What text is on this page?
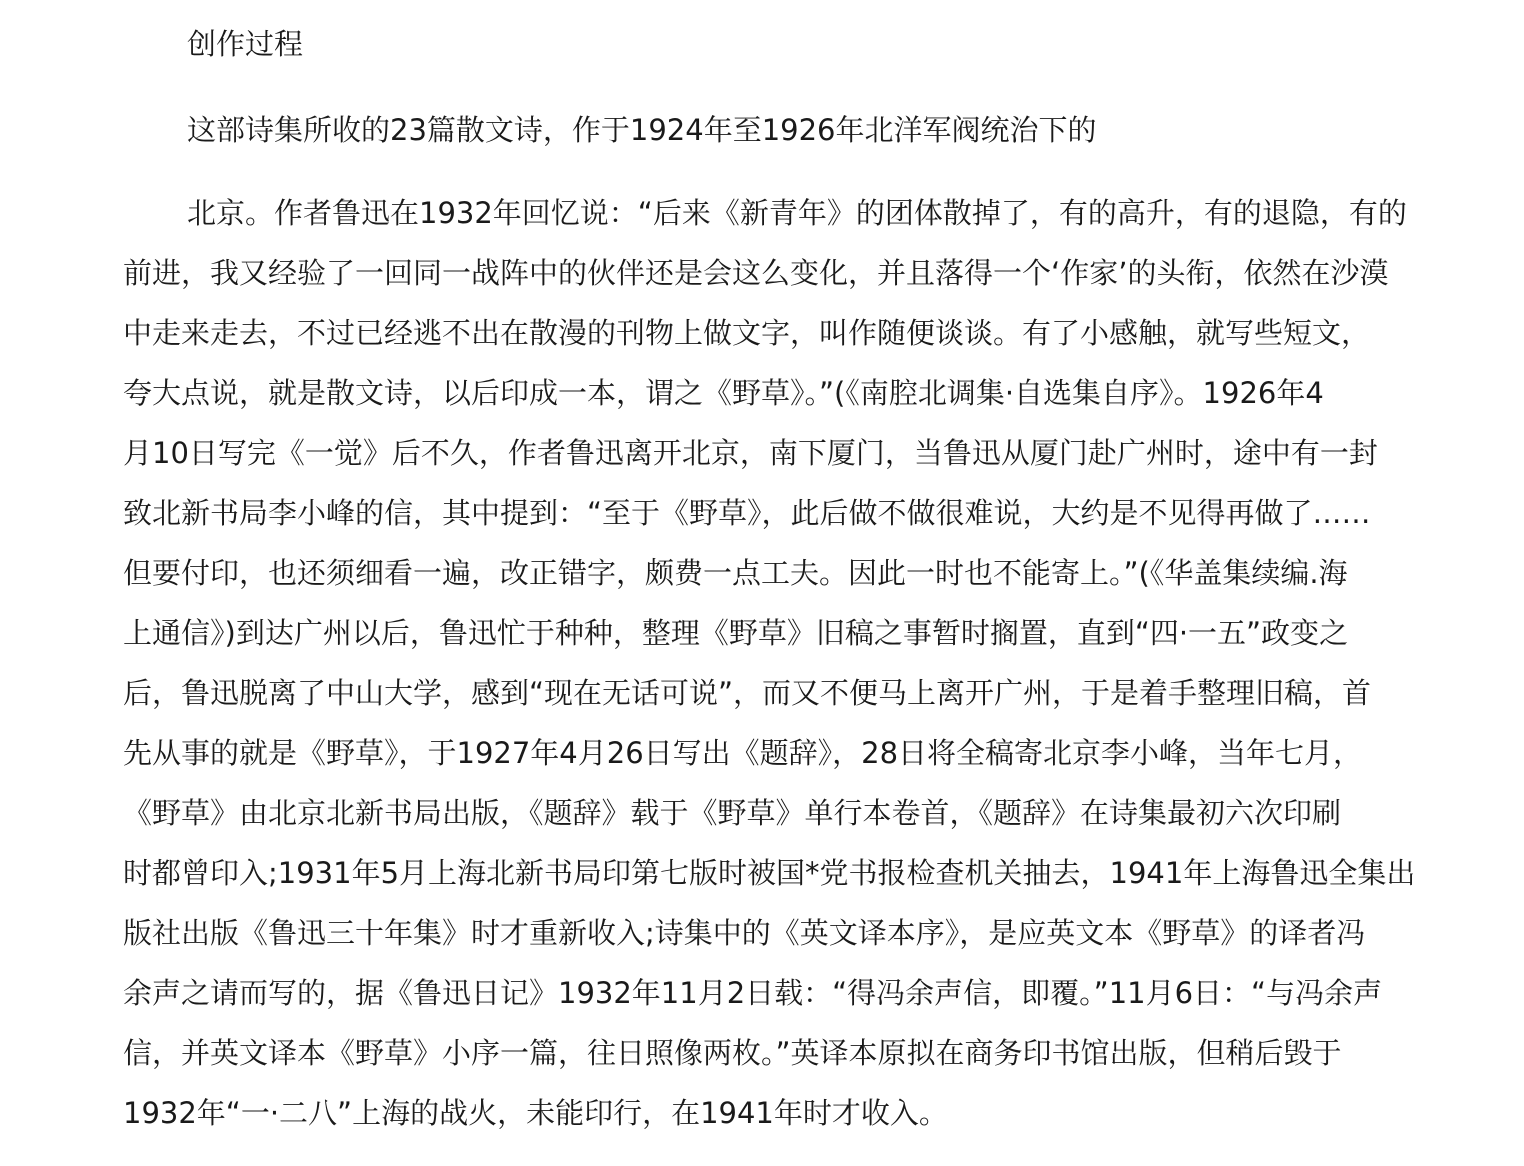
创作过程
这部诗集所收的23篇散文诗，作于1924年至1926年北洋军阀统治下的
北京。作者鲁迅在1932年回忆说：“后来《新青年》的团体散掉了，有的高升，有的退隐，有的
前进，我又经验了一回同一战阵中的伙伴还是会这么变化，并且落得一个‘作家’的头衔，依然在沙漠
中走来走去，不过已经逃不出在散漫的刊物上做文字，叫作随便谈谈。有了小感触，就写些短文，
夸大点说，就是散文诗，以后印成一本，谓之《野草》。”(《南腔北调集·自选集自序》。1926年4
月10日写完《一觉》后不久，作者鲁迅离开北京，南下厦门，当鲁迅从厦门赴广州时，途中有一封
致北新书局李小峰的信，其中提到：“至于《野草》，此后做不做很难说，大约是不见得再做了……
但要付印，也还须细看一遍，改正错字，颇费一点工夫。因此一时也不能寄上。”(《华盖集续编.海
上通信》)到达广州以后，鲁迅忙于种种，整理《野草》旧稿之事暂时搁置，直到“四·一五”政变之
后，鲁迅脱离了中山大学，感到“现在无话可说”，而又不便马上离开广州，于是着手整理旧稿，首
先从事的就是《野草》，于1927年4月26日写出《题辞》，28日将全稿寄北京李小峰，当年七月，
《野草》由北京北新书局出版，《题辞》载于《野草》单行本卷首，《题辞》在诗集最初六次印刷
时都曾印入;1931年5月上海北新书局印第七版时被国*党书报检查机关抽去，1941年上海鲁迅全集出
版社出版《鲁迅三十年集》时才重新收入;诗集中的《英文译本序》，是应英文本《野草》的译者冯
余声之请而写的，据《鲁迅日记》1932年11月2日载：“得冯余声信，即覆。”11月6日：“与冯余声
信，并英文译本《野草》小序一篇，往日照像两枚。”英译本原拟在商务印书馆出版，但稍后毁于
1932年“一·二八”上海的战火，未能印行，在1941年时才收入。
